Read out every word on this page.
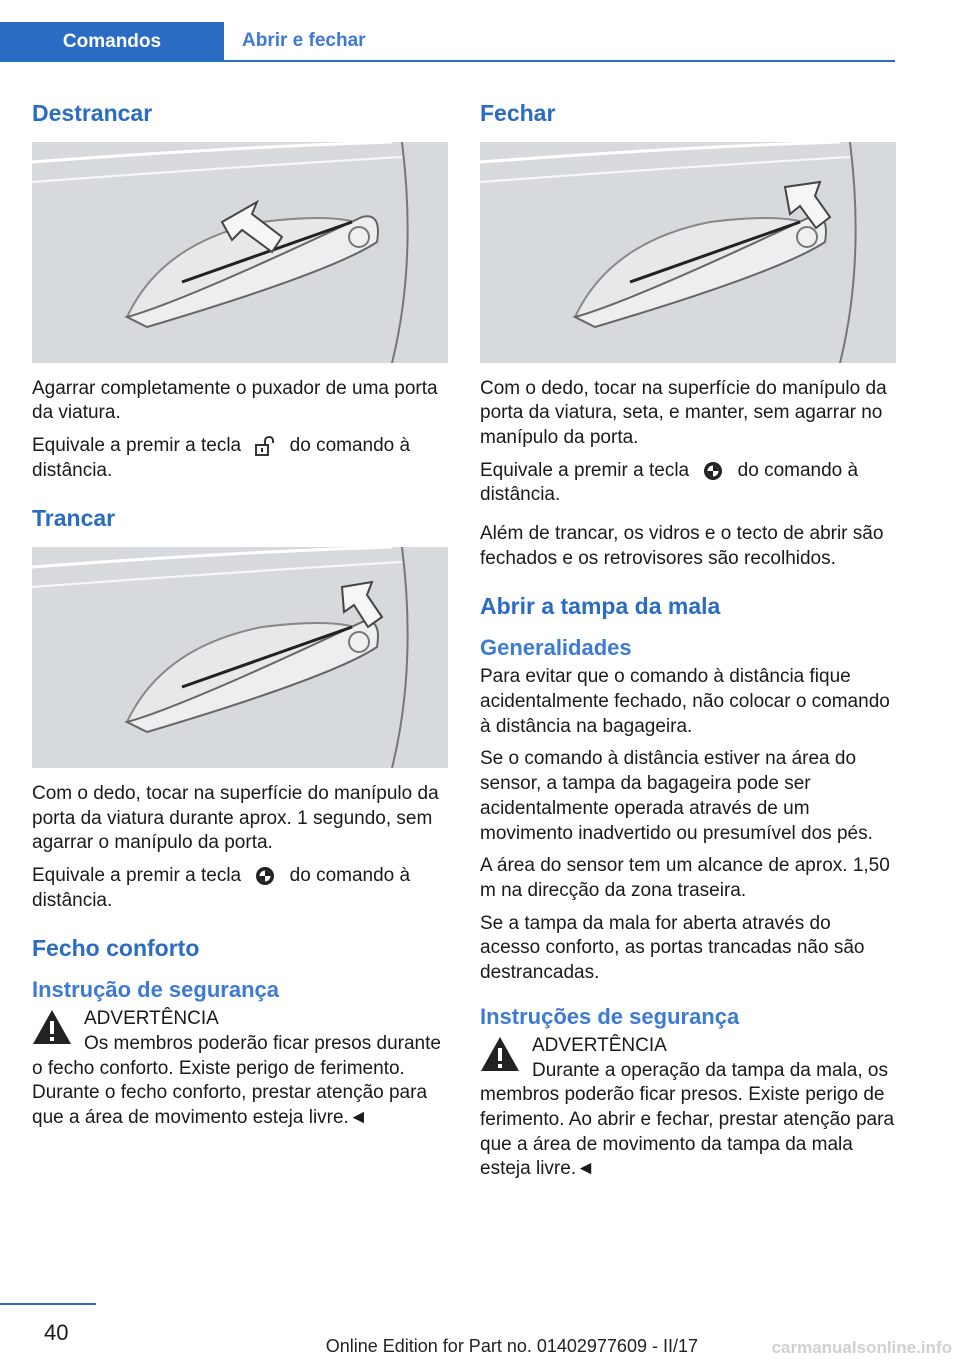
Comandos	Abrir e fechar
Destrancar

Agarrar completamente o puxador de uma porta da viatura.

Equivale a premir a tecla	do comando à distância.

Trancar

Com o dedo, tocar na superfície do manípulo da porta da viatura durante aprox. 1 segundo, sem agarrar o manípulo da porta.

Equivale a premir a tecla	do comando à distância.

Fecho conforto
Instrução de segurança

ADVERTÊNCIA

Os membros poderão ficar presos durante o fecho conforto. Existe perigo de ferimento. Durante o fecho conforto, prestar atenção para que a área de movimento esteja livre.◄

Fechar

Com o dedo, tocar na superfície do manípulo da porta da viatura, seta, e manter, sem agarrar no manípulo da porta.

Equivale a premir a tecla	do comando à distância.

Além de trancar, os vidros e o tecto de abrir são fechados e os retrovisores são recolhidos.

Abrir a tampa da mala
Generalidades

Para evitar que o comando à distância fique acidentalmente fechado, não colocar o comando à distância na bagageira.

Se o comando à distância estiver na área do sensor, a tampa da bagageira pode ser acidentalmente operada através de um movimento inadvertido ou presumível dos pés.

A área do sensor tem um alcance de aprox. 1,50 m na direcção da zona traseira.

Se a tampa da mala for aberta através do acesso conforto, as portas trancadas não são destrancadas.

Instruções de segurança

ADVERTÊNCIA

Durante a operação da tampa da mala, os membros poderão ficar presos. Existe perigo de ferimento. Ao abrir e fechar, prestar atenção para que a área de movimento da tampa da mala esteja livre.◄

40
Online Edition for Part no. 01402977609 - II/17	carmanualsonline.info
